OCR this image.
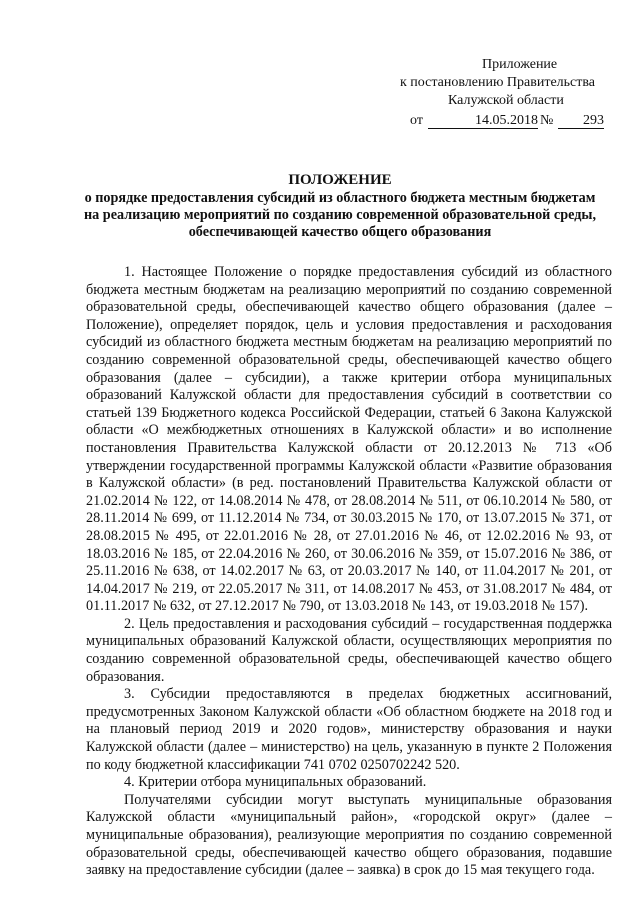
Приложение
к постановлению Правительства
Калужской области
от	14.05.2018 №	293
ПОЛОЖЕНИЕ
о порядке предоставления субсидий из областного бюджета местным бюджетам
на реализацию мероприятий по созданию современной образовательной среды,
обеспечивающей качество общего образования

1. Настоящее Положение о порядке предоставления субсидий из областного бюджета местным бюджетам на реализацию мероприятий по созданию современной образовательной среды, обеспечивающей качество общего образования (далее – Положение), определяет порядок, цель и условия предоставления и расходования субсидий из областного бюджета местным бюджетам на реализацию мероприятий по созданию современной образовательной среды, обеспечивающей качество общего образования (далее – субсидии), а также критерии отбора муниципальных образований Калужской области для предоставления субсидий в соответствии со статьей 139 Бюджетного кодекса Российской Федерации, статьей 6 Закона Калужской области «О межбюджетных отношениях в Калужской области» и во исполнение постановления Правительства Калужской области от 20.12.2013 № 713 «Об утверждении государственной программы Калужской области «Развитие образования в Калужской области» (в ред. постановлений Правительства Калужской области от 21.02.2014 № 122, от 14.08.2014 № 478, от 28.08.2014 № 511, от 06.10.2014 № 580, от 28.11.2014 № 699, от 11.12.2014 № 734, от 30.03.2015 № 170, от 13.07.2015 № 371, от 28.08.2015 № 495, от 22.01.2016 № 28, от 27.01.2016 № 46, от 12.02.2016 № 93, от 18.03.2016 № 185, от 22.04.2016 № 260, от 30.06.2016 № 359, от 15.07.2016 № 386, от 25.11.2016 № 638, от 14.02.2017 № 63, от 20.03.2017 № 140, от 11.04.2017 № 201, от 14.04.2017 № 219, от 22.05.2017 № 311, от 14.08.2017 № 453, от 31.08.2017 № 484, от 01.11.2017 № 632, от 27.12.2017 № 790, от 13.03.2018 № 143, от 19.03.2018 № 157).

2. Цель предоставления и расходования субсидий – государственная поддержка муниципальных образований Калужской области, осуществляющих мероприятия по созданию современной образовательной среды, обеспечивающей качество общего образования.

3. Субсидии предоставляются в пределах бюджетных ассигнований, предусмотренных Законом Калужской области «Об областном бюджете на 2018 год и на плановый период 2019 и 2020 годов», министерству образования и науки Калужской области (далее – министерство) на цель, указанную в пункте 2 Положения по коду бюджетной классификации 741 0702 0250702242 520.

4. Критерии отбора муниципальных образований.

Получателями субсидии могут выступать муниципальные образования Калужской области «муниципальный район», «городской округ» (далее – муниципальные образования), реализующие мероприятия по созданию современной образовательной среды, обеспечивающей качество общего образования, подавшие заявку на предоставление субсидии (далее – заявка) в срок до 15 мая текущего года.
